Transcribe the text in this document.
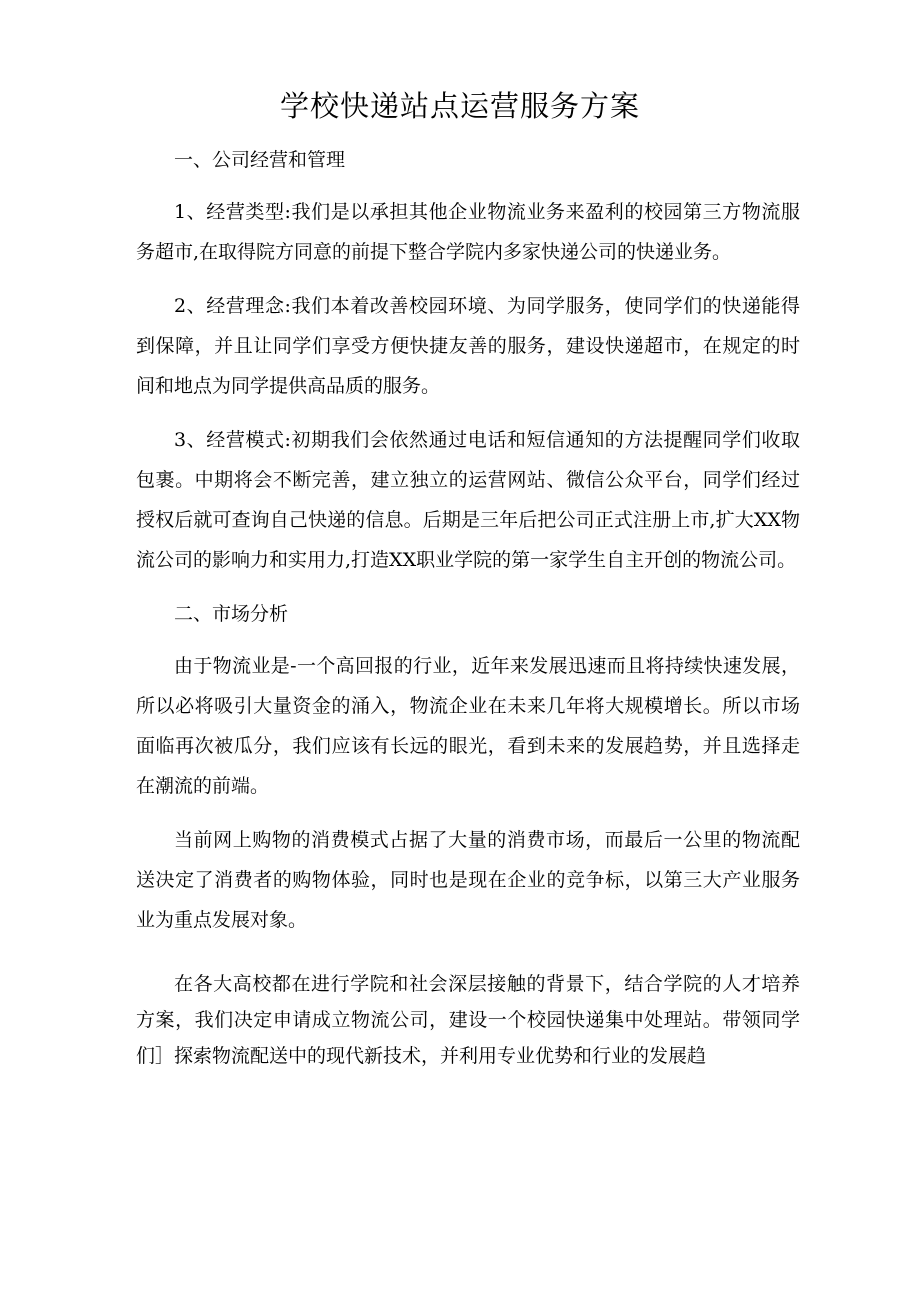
学校快递站点运营服务方案

一、公司经营和管理

1、经营类型:我们是以承担其他企业物流业务来盈利的校园第三方物流服务超市,在取得院方同意的前提下整合学院内多家快递公司的快递业务。

2、经营理念:我们本着改善校园环境、为同学服务，使同学们的快递能得到保障，并且让同学们享受方便快捷友善的服务，建设快递超市，在规定的时间和地点为同学提供高品质的服务。

3、经营模式:初期我们会依然通过电话和短信通知的方法提醒同学们收取包裹。中期将会不断完善，建立独立的运营网站、微信公众平台，同学们经过授权后就可查询自己快递的信息。后期是三年后把公司正式注册上市,扩大XX物流公司的影响力和实用力,打造XX职业学院的第一家学生自主开创的物流公司。

二、市场分析

由于物流业是-一个高回报的行业，近年来发展迅速而且将持续快速发展，所以必将吸引大量资金的涌入，物流企业在未来几年将大规模增长。所以市场面临再次被瓜分，我们应该有长远的眼光，看到未来的发展趋势，并且选择走在潮流的前端。

当前网上购物的消费模式占据了大量的消费市场，而最后一公里的物流配送决定了消费者的购物体验，同时也是现在企业的竞争标，以第三大产业服务业为重点发展对象。

在各大高校都在进行学院和社会深层接触的背景下，结合学院的人才培养方案，我们决定申请成立物流公司，建设一个校园快递集中处理站。带领同学们］探索物流配送中的现代新技术，并利用专业优势和行业的发展趋
